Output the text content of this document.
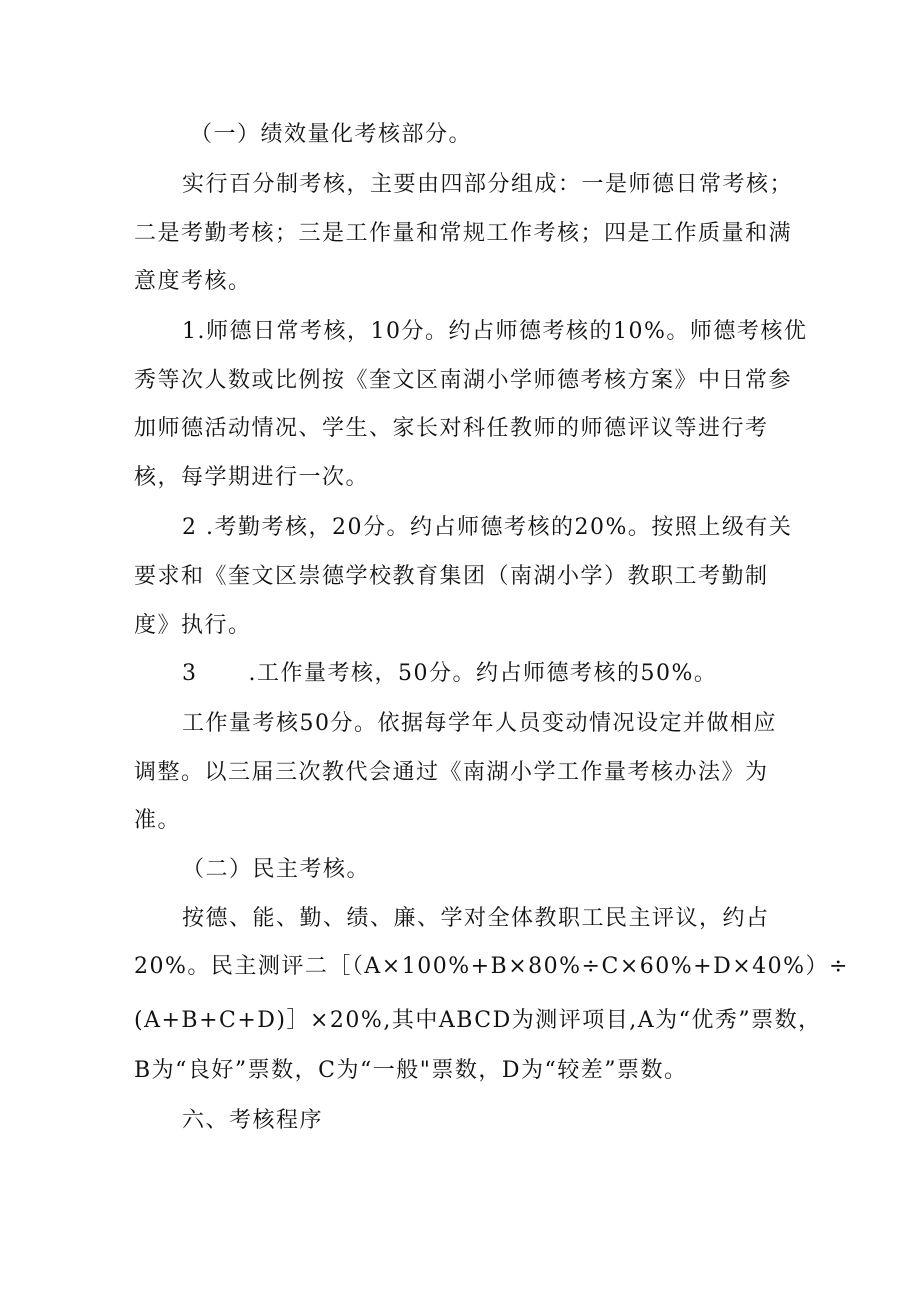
（一）绩效量化考核部分。
实行百分制考核，主要由四部分组成：一是师德日常考核；
二是考勤考核；三是工作量和常规工作考核；四是工作质量和满
意度考核。
1.师德日常考核，10分。约占师德考核的10%。师德考核优
秀等次人数或比例按《奎文区南湖小学师德考核方案》中日常参
加师德活动情况、学生、家长对科任教师的师德评议等进行考
核，每学期进行一次。
2 .考勤考核，20分。约占师德考核的20%。按照上级有关
要求和《奎文区崇德学校教育集团（南湖小学）教职工考勤制
度》执行。
3      .工作量考核，50分。约占师德考核的50%。
工作量考核50分。依据每学年人员变动情况设定并做相应
调整。以三届三次教代会通过《南湖小学工作量考核办法》为
准。
（二）民主考核。
按德、能、勤、绩、廉、学对全体教职工民主评议，约占
20%。民主测评二［（A×100%+B×80%÷C×60%+D×40%）÷
(A+B+C+D)］×20%,其中ABCD为测评项目,A为“优秀”票数，
B为“良好”票数，C为“一般"票数，D为“较差”票数。
六、考核程序
